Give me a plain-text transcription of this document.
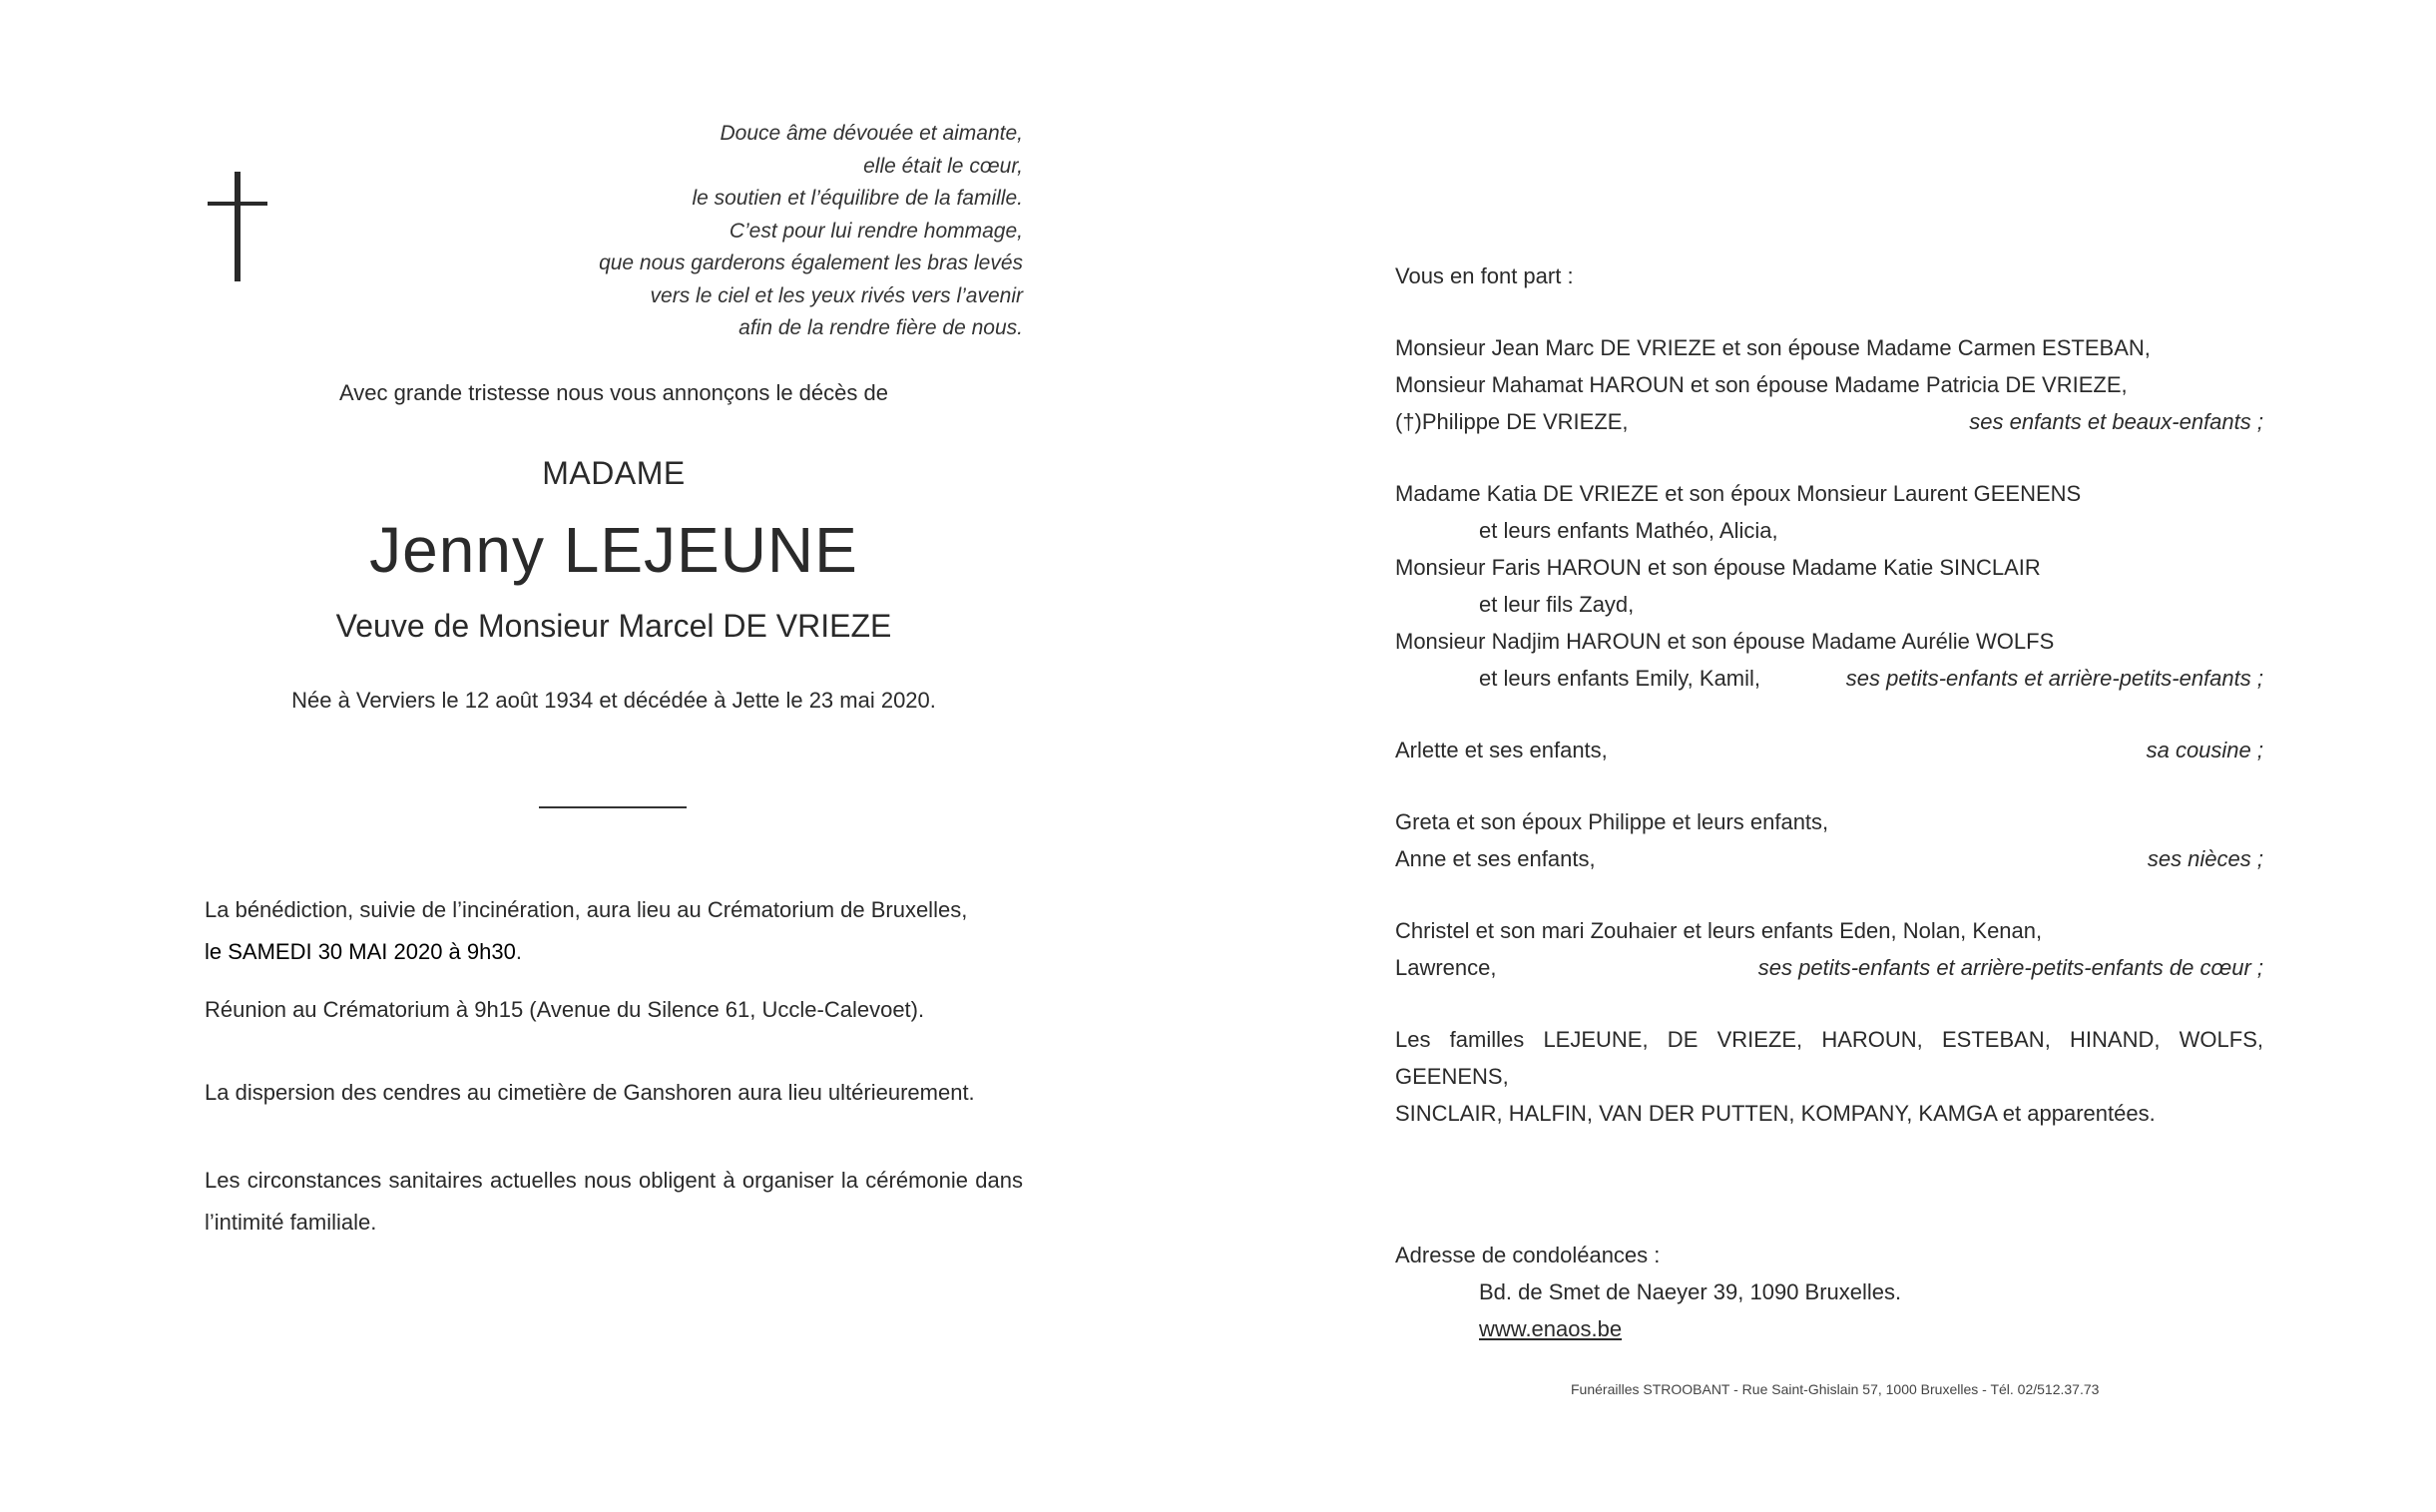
Douce âme dévouée et aimante,
elle était le cœur,
le soutien et l’équilibre de la famille.
C’est pour lui rendre hommage,
que nous garderons également les bras levés
vers le ciel et les yeux rivés vers l’avenir
afin de la rendre fière de nous.
Avec grande tristesse nous vous annonçons le décès de
MADAME
Jenny LEJEUNE
Veuve de Monsieur Marcel DE VRIEZE
Née à Verviers le 12 août 1934 et décédée à Jette le 23 mai 2020.
La bénédiction, suivie de l’incinération, aura lieu au Crématorium de Bruxelles,
le SAMEDI 30 MAI 2020 à 9h30.
Réunion au Crématorium à 9h15 (Avenue du Silence 61, Uccle-Calevoet).
La dispersion des cendres au cimetière de Ganshoren aura lieu ultérieurement.
Les circonstances sanitaires actuelles nous obligent à organiser la cérémonie dans l’intimité familiale.
Vous en font part :
Monsieur Jean Marc DE VRIEZE et son épouse Madame Carmen ESTEBAN,
Monsieur Mahamat HAROUN et son épouse Madame Patricia DE VRIEZE,
(†)Philippe DE VRIEZE,	ses enfants et beaux-enfants ;
Madame Katia DE VRIEZE et son époux Monsieur Laurent GEENENS
et leurs enfants Mathéo, Alicia,
Monsieur Faris HAROUN et son épouse Madame Katie SINCLAIR
et leur fils Zayd,
Monsieur Nadjim HAROUN et son épouse Madame Aurélie WOLFS
et leurs enfants Emily, Kamil,	ses petits-enfants et arrière-petits-enfants ;
Arlette et ses enfants,	sa cousine ;
Greta et son époux Philippe et leurs enfants,
Anne et ses enfants,	ses nièces ;
Christel et son mari Zouhaier et leurs enfants Eden, Nolan, Kenan,
Lawrence,	ses petits-enfants et arrière-petits-enfants de cœur ;
Les familles LEJEUNE, DE VRIEZE, HAROUN, ESTEBAN, HINAND, WOLFS, GEENENS,
SINCLAIR, HALFIN, VAN DER PUTTEN, KOMPANY, KAMGA et apparentées.
Adresse de condoléances :
Bd. de Smet de Naeyer 39, 1090 Bruxelles.
www.enaos.be
Funérailles STROOBANT - Rue Saint-Ghislain 57, 1000 Bruxelles - Tél. 02/512.37.73
